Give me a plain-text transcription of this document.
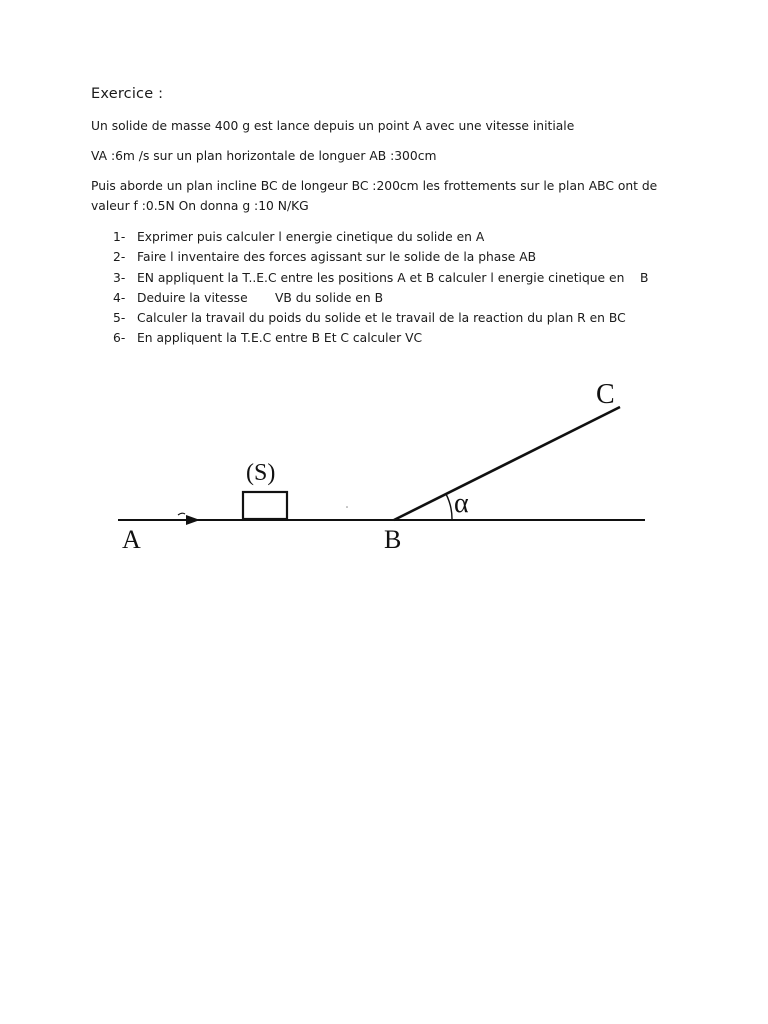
Exercice :
Un solide de masse 400 g est lance depuis un point A avec une vitesse initiale
VA :6m /s sur un plan horizontale de longuer AB :300cm
Puis aborde un plan incline BC de longeur BC :200cm les frottements sur le plan ABC ont de valeur f :0.5N On donna g :10 N/KG
1- Exprimer puis calculer l energie cinetique du solide en A
2- Faire l inventaire des forces agissant sur le solide de la phase AB
3- EN appliquent la T..E.C entre les positions A et B calculer l energie cinetique en    B
4- Deduire la vitesse       VB du solide en B
5- Calculer la travail du poids du solide et le travail de la reaction du plan R en BC
6- En appliquent la T.E.C entre B Et C calculer VC
A	B
C
(S)
α
